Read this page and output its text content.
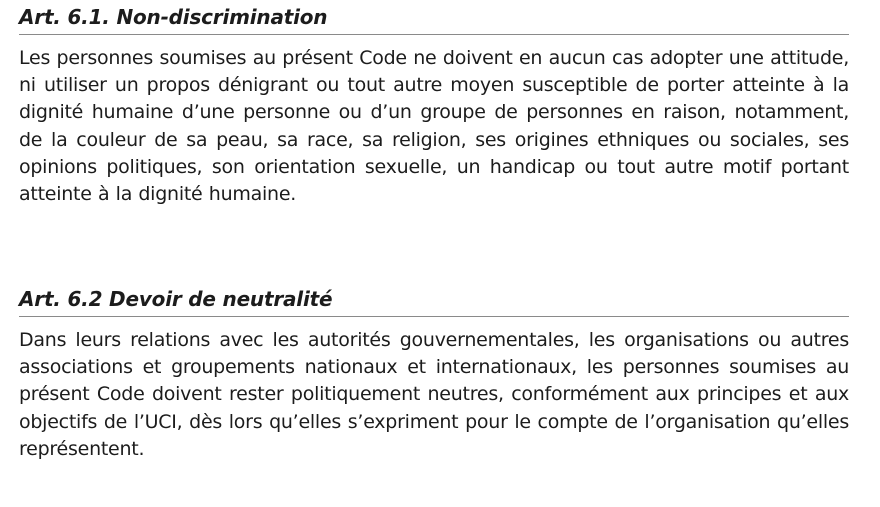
Art. 6.1. Non-discrimination

Les personnes soumises au présent Code ne doivent en aucun cas adopter une attitude, ni utiliser un propos dénigrant ou tout autre moyen susceptible de porter atteinte à la dignité humaine d’une personne ou d’un groupe de personnes en raison, notamment, de la couleur de sa peau, sa race, sa religion, ses origines ethniques ou sociales, ses opinions politiques, son orientation sexuelle, un handicap ou tout autre motif portant atteinte à la dignité humaine.

Art. 6.2 Devoir de neutralité

Dans leurs relations avec les autorités gouvernementales, les organisations ou autres associations et groupements nationaux et internationaux, les personnes soumises au présent Code doivent rester politiquement neutres, conformément aux principes et aux objectifs de l’UCI, dès lors qu’elles s’expriment pour le compte de l’organisation qu’elles représentent.
